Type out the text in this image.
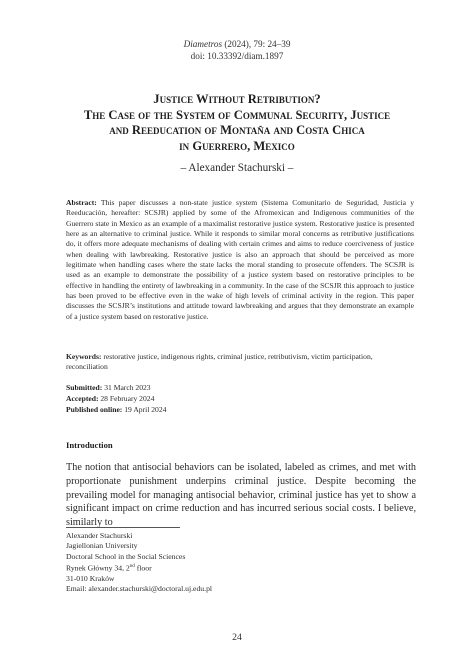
Diametros (2024), 79: 24–39
doi: 10.33392/diam.1897
Justice Without Retribution?
The Case of the System of Communal Security, Justice
and Reeducation of Montaña and Costa Chica
in Guerrero, Mexico
– Alexander Stachurski –
Abstract: This paper discusses a non-state justice system (Sistema Comunitario de Seguridad, Justicia y Reeducación, hereafter: SCSJR) applied by some of the Afromexican and Indigenous communities of the Guerrero state in Mexico as an example of a maximalist restorative justice system. Restorative justice is presented here as an alternative to criminal justice. While it responds to similar moral concerns as retributive justifications do, it offers more adequate mechanisms of dealing with certain crimes and aims to reduce coerciveness of justice when dealing with lawbreaking. Restorative justice is also an approach that should be perceived as more legitimate when handling cases where the state lacks the moral standing to prosecute offenders. The SCSJR is used as an example to demonstrate the possibility of a justice system based on restorative principles to be effective in handling the entirety of lawbreaking in a community. In the case of the SCSJR this approach to justice has been proved to be effective even in the wake of high levels of criminal activity in the region. This paper discusses the SCSJR’s institutions and attitude toward lawbreaking and argues that they demonstrate an example of a justice system based on restorative justice.
Keywords: restorative justice, indigenous rights, criminal justice, retributivism, victim participation, reconciliation
Submitted: 31 March 2023
Accepted: 28 February 2024
Published online: 19 April 2024
Introduction
The notion that antisocial behaviors can be isolated, labeled as crimes, and met with proportionate punishment underpins criminal justice. Despite becoming the prevailing model for managing antisocial behavior, criminal justice has yet to show a significant impact on crime reduction and has incurred serious social costs. I believe, similarly to
Alexander Stachurski
Jagiellonian University
Doctoral School in the Social Sciences
Rynek Główny 34, 2nd floor
31-010 Kraków
Email: alexander.stachurski@doctoral.uj.edu.pl
24
